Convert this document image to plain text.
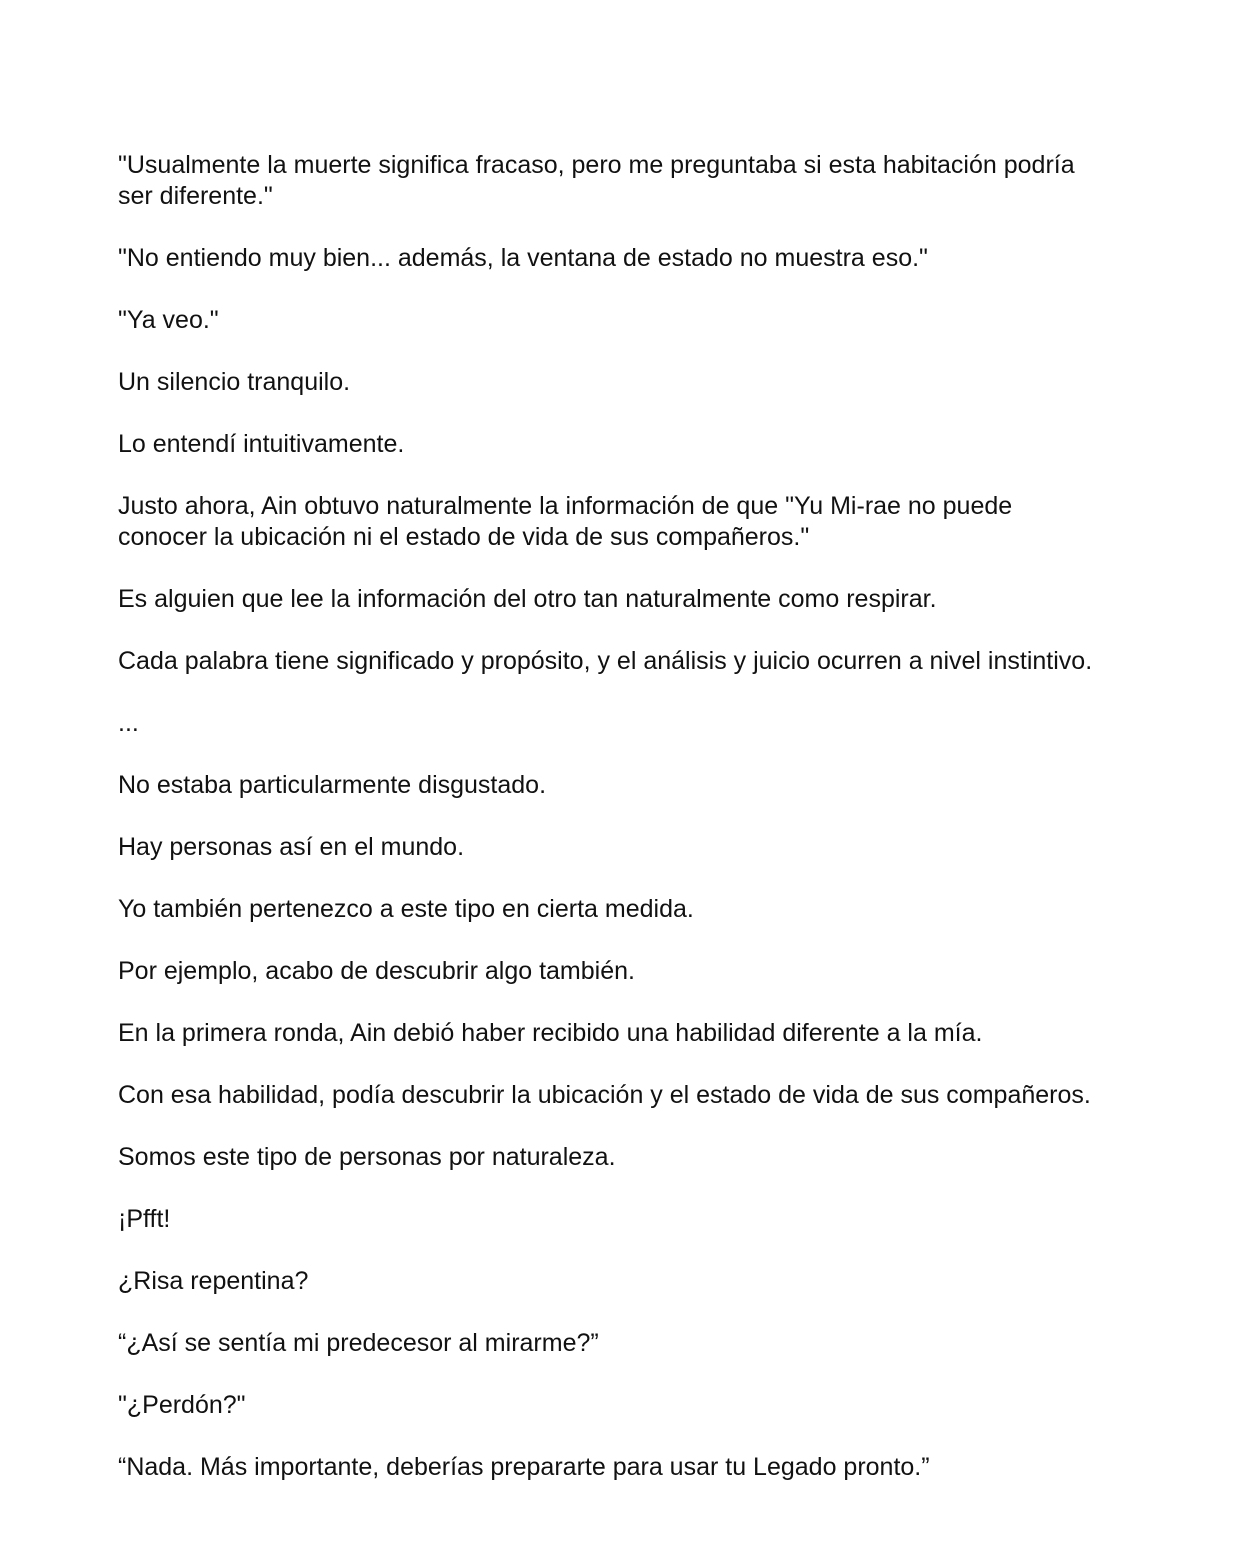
"Usualmente la muerte significa fracaso, pero me preguntaba si esta habitación podría ser diferente."

"No entiendo muy bien... además, la ventana de estado no muestra eso."

"Ya veo."

Un silencio tranquilo.

Lo entendí intuitivamente.

Justo ahora, Ain obtuvo naturalmente la información de que "Yu Mi-rae no puede conocer la ubicación ni el estado de vida de sus compañeros."

Es alguien que lee la información del otro tan naturalmente como respirar.

Cada palabra tiene significado y propósito, y el análisis y juicio ocurren a nivel instintivo.

...

No estaba particularmente disgustado.

Hay personas así en el mundo.

Yo también pertenezco a este tipo en cierta medida.

Por ejemplo, acabo de descubrir algo también.

En la primera ronda, Ain debió haber recibido una habilidad diferente a la mía.

Con esa habilidad, podía descubrir la ubicación y el estado de vida de sus compañeros.

Somos este tipo de personas por naturaleza.

¡Pfft!

¿Risa repentina?

“¿Así se sentía mi predecesor al mirarme?”

"¿Perdón?"

“Nada. Más importante, deberías prepararte para usar tu Legado pronto.”
